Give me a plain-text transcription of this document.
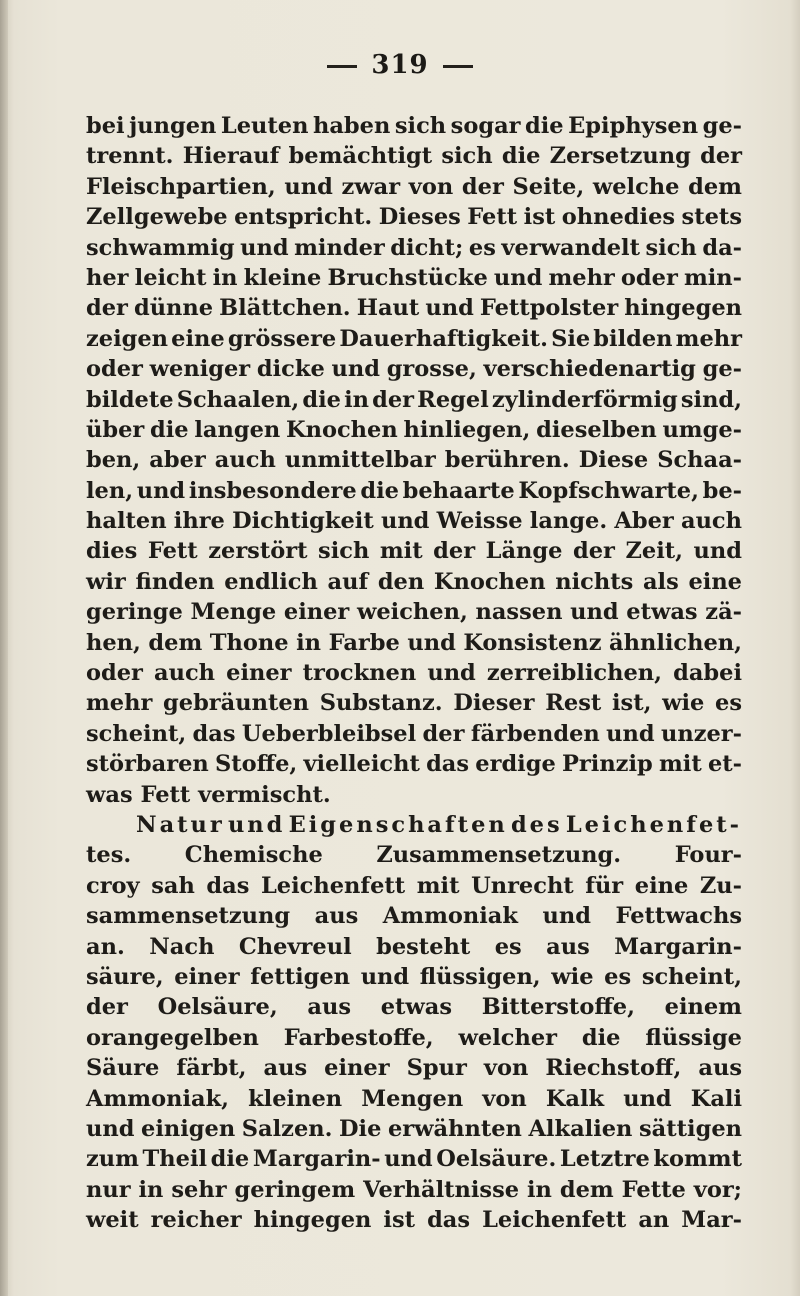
319
bei jungen Leuten haben sich sogar die Epiphysen ge-
trennt. Hierauf bemächtigt sich die Zersetzung der
Fleischpartien, und zwar von der Seite, welche dem
Zellgewebe entspricht. Dieses Fett ist ohnedies stets
schwammig und minder dicht; es verwandelt sich da-
her leicht in kleine Bruchstücke und mehr oder min-
der dünne Blättchen. Haut und Fettpolster hingegen
zeigen eine grössere Dauerhaftigkeit. Sie bilden mehr
oder weniger dicke und grosse, verschiedenartig ge-
bildete Schaalen, die in der Regel zylinderförmig sind,
über die langen Knochen hinliegen, dieselben umge-
ben, aber auch unmittelbar berühren. Diese Schaa-
len, und insbesondere die behaarte Kopfschwarte, be-
halten ihre Dichtigkeit und Weisse lange. Aber auch
dies Fett zerstört sich mit der Länge der Zeit, und
wir finden endlich auf den Knochen nichts als eine
geringe Menge einer weichen, nassen und etwas zä-
hen, dem Thone in Farbe und Konsistenz ähnlichen,
oder auch einer trocknen und zerreiblichen, dabei
mehr gebräunten Substanz. Dieser Rest ist, wie es
scheint, das Ueberbleibsel der färbenden und unzer-
störbaren Stoffe, vielleicht das erdige Prinzip mit et-
was Fett vermischt.
Natur und Eigenschaften des Leichenfet-
tes. Chemische Zusammensetzung. Four-
croy sah das Leichenfett mit Unrecht für eine Zu-
sammensetzung aus Ammoniak und Fettwachs
an. Nach Chevreul besteht es aus Margarin-
säure, einer fettigen und flüssigen, wie es scheint,
der Oelsäure, aus etwas Bitterstoffe, einem
orangegelben Farbestoffe, welcher die flüssige
Säure färbt, aus einer Spur von Riechstoff, aus
Ammoniak, kleinen Mengen von Kalk und Kali
und einigen Salzen. Die erwähnten Alkalien sättigen
zum Theil die Margarin- und Oelsäure. Letztre kommt
nur in sehr geringem Verhältnisse in dem Fette vor;
weit reicher hingegen ist das Leichenfett an Mar-
